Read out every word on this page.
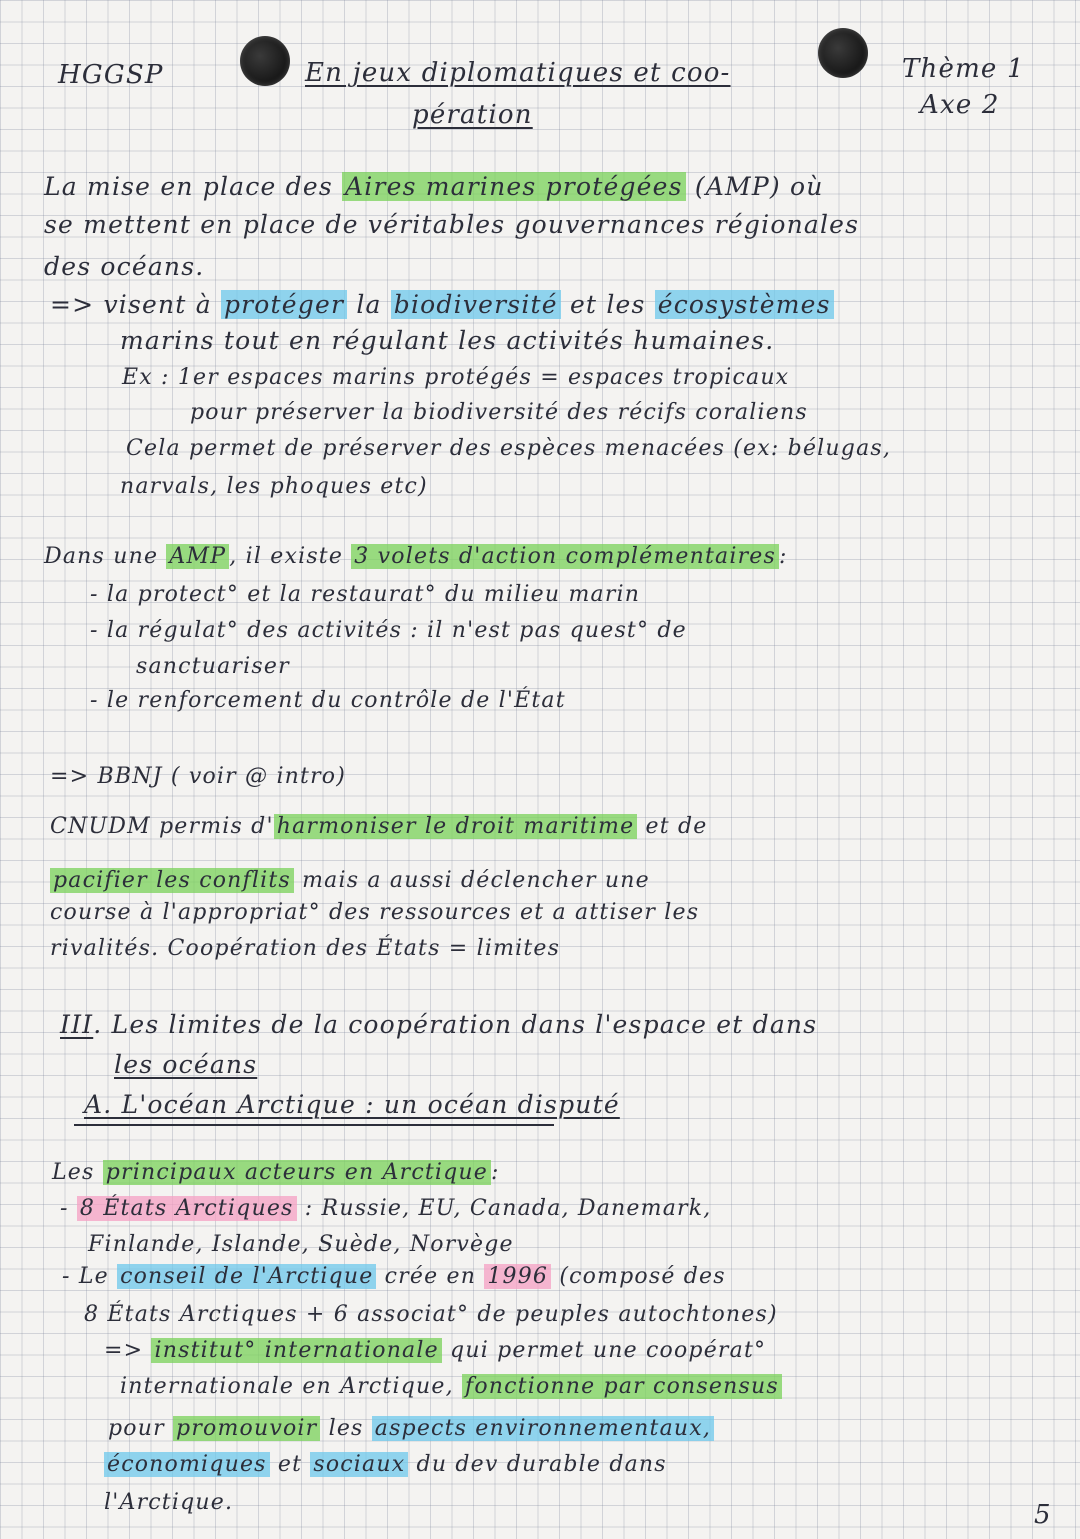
HGGSP	En jeux diplomatiques et coo-
pération
Thème 1
Axe 2
La mise en place des Aires marines protégées (AMP) où
se mettent en place de véritables gouvernances régionales
des océans.
=> visent à protéger la biodiversité et les écosystèmes
marins tout en régulant les activités humaines.
Ex : 1er espaces marins protégés = espaces tropicaux
pour préserver la biodiversité des récifs coraliens
Cela permet de préserver des espèces menacées (ex: bélugas,
narvals, les phoques etc)
Dans une AMP , il existe 3 volets d'action complémentaires :
- la protect° et la restaurat° du milieu marin
- la régulat° des activités : il n'est pas quest° de
sanctuariser
- le renforcement du contrôle de l'État
=> BBNJ ( voir @ intro)
CNUDM permis d' harmoniser le droit maritime et de
pacifier les conflits mais a aussi déclencher une
course à l'appropriat° des ressources et a attiser les
rivalités. Coopération des États = limites
III. Les limites de la coopération dans l'espace et dans
les océans
A. L'océan Arctique : un océan disputé
Les principaux acteurs en Arctique :
- 8 États Arctiques : Russie, EU, Canada, Danemark,
Finlande, Islande, Suède, Norvège
- Le conseil de l'Arctique crée en 1996 (composé des
8 États Arctiques + 6 associat° de peuples autochtones)
=> institut° internationale qui permet une coopérat°
internationale en Arctique, fonctionne par consensus
pour promouvoir les aspects environnementaux,
économiques et sociaux du dev durable dans
l'Arctique.	5
